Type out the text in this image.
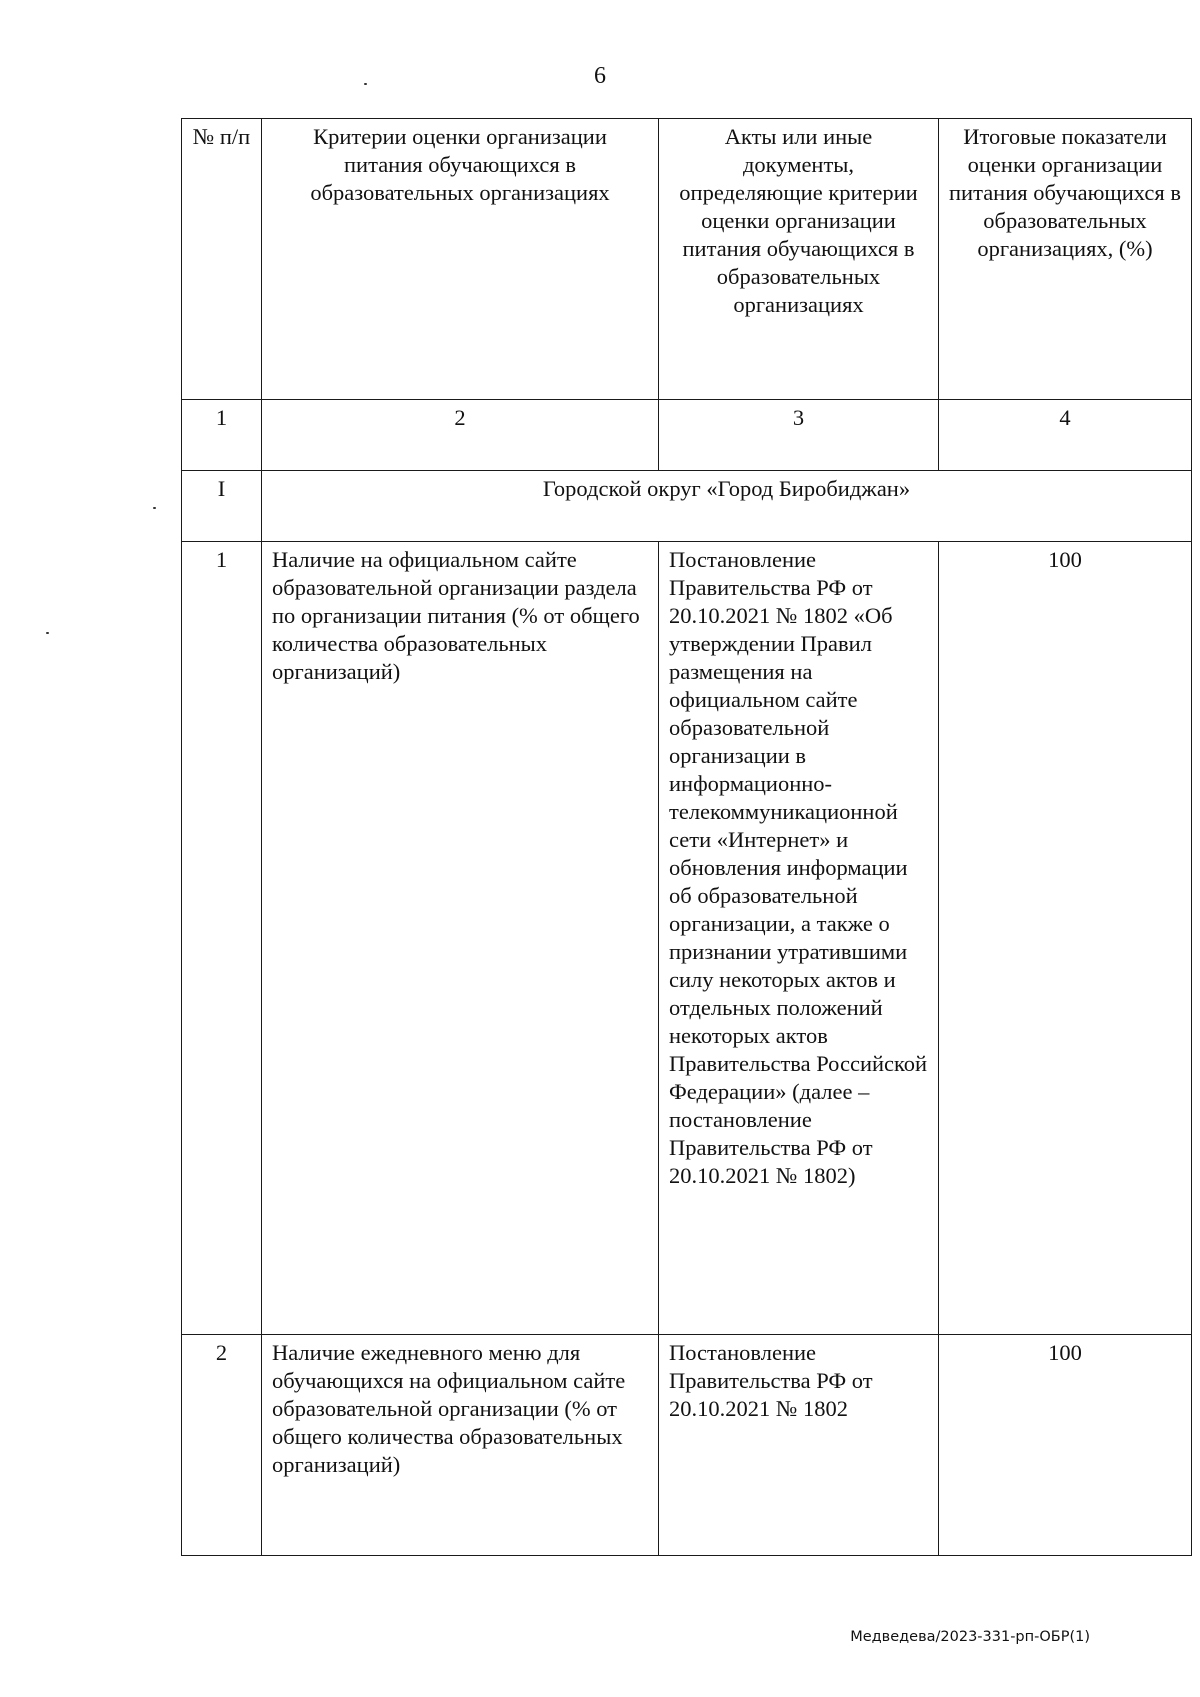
6
№ п/п	Критерии оценки организации питания обучающихся в образовательных организациях	Акты или иные документы, определяющие критерии оценки организации питания обучающихся в образовательных организациях	Итоговые показатели оценки организации питания обучающихся в образовательных организациях, (%)
1	2	3	4
I	Городской округ «Город Биробиджан»		
1	Наличие на официальном сайте образовательной организации раздела по организации питания (% от общего количества образовательных организаций)	Постановление Правительства РФ от 20.10.2021 № 1802 «Об утверждении Правил размещения на официальном сайте образовательной организации в информационно-телекоммуникационной сети «Интернет» и обновления информации об образовательной организации, а также о признании утратившими силу некоторых актов и отдельных положений некоторых актов Правительства Российской Федерации» (далее – постановление Правительства РФ от 20.10.2021 № 1802)	100
2	Наличие ежедневного меню для обучающихся на официальном сайте образовательной организации (% от общего количества образовательных организаций)	Постановление Правительства РФ от 20.10.2021 № 1802	100
Медведева/2023-331-рп-ОБР(1)
